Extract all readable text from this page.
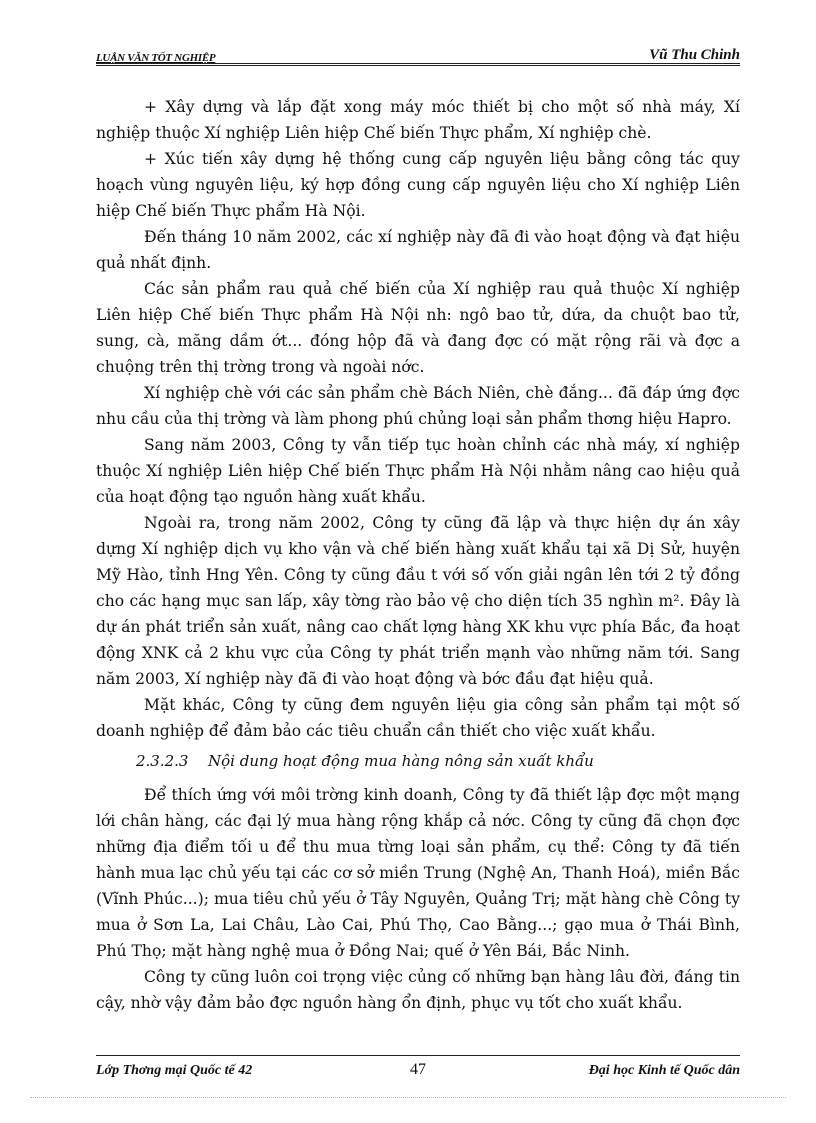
LUẬN VĂN TỐT NGHIỆP	Vũ Thu Chinh

+ Xây dựng và lắp đặt xong máy móc thiết bị cho một số nhà máy, Xí nghiệp thuộc Xí nghiệp Liên hiệp Chế biến Thực phẩm, Xí nghiệp chè.

+ Xúc tiến xây dựng hệ thống cung cấp nguyên liệu bằng công tác quy hoạch vùng nguyên liệu, ký hợp đồng cung cấp nguyên liệu cho Xí nghiệp Liên hiệp Chế biến Thực phẩm Hà Nội.

Đến tháng 10 năm 2002, các xí nghiệp này đã đi vào hoạt động và đạt hiệu quả nhất định.

Các sản phẩm rau quả chế biến của Xí nghiệp rau quả thuộc Xí nghiệp Liên hiệp Chế biến Thực phẩm Hà Nội nh: ngô bao tử, dứa, da chuột bao tử, sung, cà, măng dầm ớt... đóng hộp đã và đang đợc có mặt rộng rãi và đợc a chuộng trên thị trờng trong và ngoài nớc.

Xí nghiệp chè với các sản phẩm chè Bách Niên, chè đắng... đã đáp ứng đợc nhu cầu của thị trờng và làm phong phú chủng loại sản phẩm thơng hiệu Hapro.

Sang năm 2003, Công ty vẫn tiếp tục hoàn chỉnh các nhà máy, xí nghiệp thuộc Xí nghiệp Liên hiệp Chế biến Thực phẩm Hà Nội nhằm nâng cao hiệu quả của hoạt động tạo nguồn hàng xuất khẩu.

Ngoài ra, trong năm 2002, Công ty cũng đã lập và thực hiện dự án xây dựng Xí nghiệp dịch vụ kho vận và chế biến hàng xuất khẩu tại xã Dị Sử, huyện Mỹ Hào, tỉnh Hng Yên. Công ty cũng đầu t với số vốn giải ngân lên tới 2 tỷ đồng cho các hạng mục san lấp, xây tờng rào bảo vệ cho diện tích 35 nghìn m². Đây là dự án phát triển sản xuất, nâng cao chất lợng hàng XK khu vực phía Bắc, đa hoạt động XNK cả 2 khu vực của Công ty phát triển mạnh vào những năm tới. Sang năm 2003, Xí nghiệp này đã đi vào hoạt động và bớc đầu đạt hiệu quả.

Mặt khác, Công ty cũng đem nguyên liệu gia công sản phẩm tại một số doanh nghiệp để đảm bảo các tiêu chuẩn cần thiết cho việc xuất khẩu.

2.3.2.3 Nội dung hoạt động mua hàng nông sản xuất khẩu

Để thích ứng với môi trờng kinh doanh, Công ty đã thiết lập đợc một mạng lới chân hàng, các đại lý mua hàng rộng khắp cả nớc. Công ty cũng đã chọn đợc những địa điểm tối u để thu mua từng loại sản phẩm, cụ thể: Công ty đã tiến hành mua lạc chủ yếu tại các cơ sở miền Trung (Nghệ An, Thanh Hoá), miền Bắc (Vĩnh Phúc...); mua tiêu chủ yếu ở Tây Nguyên, Quảng Trị; mặt hàng chè Công ty mua ở Sơn La, Lai Châu, Lào Cai, Phú Thọ, Cao Bằng...; gạo mua ở Thái Bình, Phú Thọ; mặt hàng nghệ mua ở Đồng Nai; quế ở Yên Bái, Bắc Ninh.

Công ty cũng luôn coi trọng việc củng cố những bạn hàng lâu đời, đáng tin cậy, nhờ vậy đảm bảo đợc nguồn hàng ổn định, phục vụ tốt cho xuất khẩu.

Lớp Thơng mại Quốc tế 42	47	Đại học Kinh tế Quốc dân
